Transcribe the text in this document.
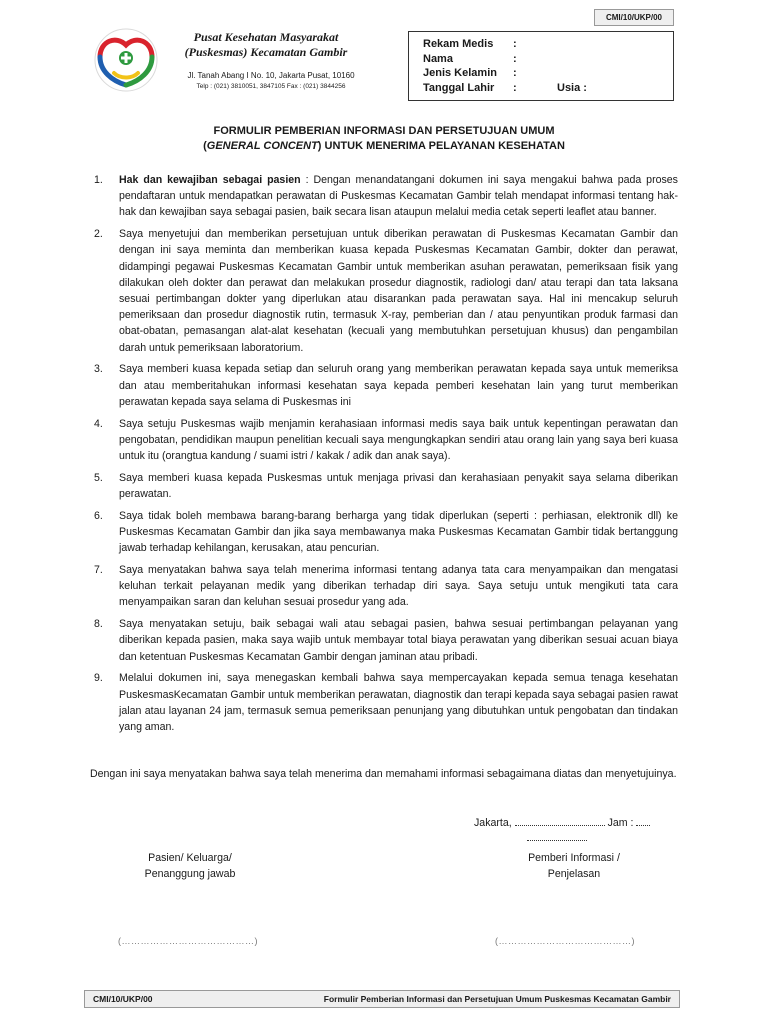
CMI/10/UKP/00
Pusat Kesehatan Masyarakat
(Puskesmas) Kecamatan Gambir
Jl. Tanah Abang I No. 10, Jakarta Pusat, 10160
Telp : (021) 3810051, 3847105 Fax : (021) 3844256
Rekam Medis	:
Nama	:
Jenis Kelamin	:
Tanggal Lahir	:	Usia :
FORMULIR PEMBERIAN INFORMASI DAN PERSETUJUAN UMUM
(GENERAL CONCENT) UNTUK MENERIMA PELAYANAN KESEHATAN
1.	Hak dan kewajiban sebagai pasien : Dengan menandatangani dokumen ini saya mengakui bahwa pada proses pendaftaran untuk mendapatkan perawatan di Puskesmas Kecamatan Gambir telah mendapat informasi tentang hak-hak dan kewajiban saya sebagai pasien, baik secara lisan ataupun melalui media cetak seperti leaflet atau banner.
2.	Saya menyetujui dan memberikan persetujuan untuk diberikan perawatan di Puskesmas Kecamatan Gambir dan dengan ini saya meminta dan memberikan kuasa kepada Puskesmas Kecamatan Gambir, dokter dan perawat, didampingi pegawai Puskesmas Kecamatan Gambir untuk memberikan asuhan perawatan, pemeriksaan fisik yang dilakukan oleh dokter dan perawat dan melakukan prosedur diagnostik, radiologi dan/ atau terapi dan tata laksana sesuai pertimbangan dokter yang diperlukan atau disarankan pada perawatan saya. Hal ini mencakup seluruh pemeriksaan dan prosedur diagnostik rutin, termasuk X-ray, pemberian dan / atau penyuntikan produk farmasi dan obat-obatan, pemasangan alat-alat kesehatan (kecuali yang membutuhkan persetujuan khusus) dan pengambilan darah untuk pemeriksaan laboratorium.
3.	Saya memberi kuasa kepada setiap dan seluruh orang yang memberikan perawatan kepada saya untuk memeriksa dan atau memberitahukan informasi kesehatan saya kepada pemberi kesehatan lain yang turut memberikan perawatan kepada saya selama di Puskesmas ini
4.	Saya setuju Puskesmas wajib menjamin kerahasiaan informasi medis saya baik untuk kepentingan perawatan dan pengobatan, pendidikan maupun penelitian kecuali saya mengungkapkan sendiri atau orang lain yang saya beri kuasa untuk itu (orangtua kandung / suami istri / kakak / adik dan anak saya).
5.	Saya memberi kuasa kepada Puskesmas untuk menjaga privasi dan kerahasiaan penyakit saya selama diberikan perawatan.
6.	Saya tidak boleh membawa barang-barang berharga yang tidak diperlukan (seperti : perhiasan, elektronik dll) ke Puskesmas Kecamatan Gambir dan jika saya membawanya maka Puskesmas Kecamatan Gambir tidak bertanggung jawab terhadap kehilangan, kerusakan, atau pencurian.
7.	Saya menyatakan bahwa saya telah menerima informasi tentang adanya tata cara menyampaikan dan mengatasi keluhan terkait pelayanan medik yang diberikan terhadap diri saya. Saya setuju untuk mengikuti tata cara menyampaikan saran dan keluhan sesuai prosedur yang ada.
8.	Saya menyatakan setuju, baik sebagai wali atau sebagai pasien, bahwa sesuai pertimbangan pelayanan yang diberikan kepada pasien, maka saya wajib untuk membayar total biaya perawatan yang diberikan sesuai acuan biaya dan ketentuan Puskesmas Kecamatan Gambir dengan jaminan atau pribadi.
9.	Melalui dokumen ini, saya menegaskan kembali bahwa saya mempercayakan kepada semua tenaga kesehatan PuskesmasKecamatan Gambir untuk memberikan perawatan, diagnostik dan terapi kepada saya sebagai pasien rawat jalan atau layanan 24 jam, termasuk semua pemeriksaan penunjang yang dibutuhkan untuk pengobatan dan tindakan yang aman.
Dengan ini saya menyatakan bahwa saya telah menerima dan memahami informasi sebagaimana diatas dan menyetujuinya.
Jakarta,	Jam :
Pasien/ Keluarga/
Penanggung jawab
Pemberi Informasi /
Penjelasan
(……………………………………)	(……………………………………)
CMI/10/UKP/00	Formulir Pemberian Informasi dan Persetujuan Umum Puskesmas Kecamatan Gambir
